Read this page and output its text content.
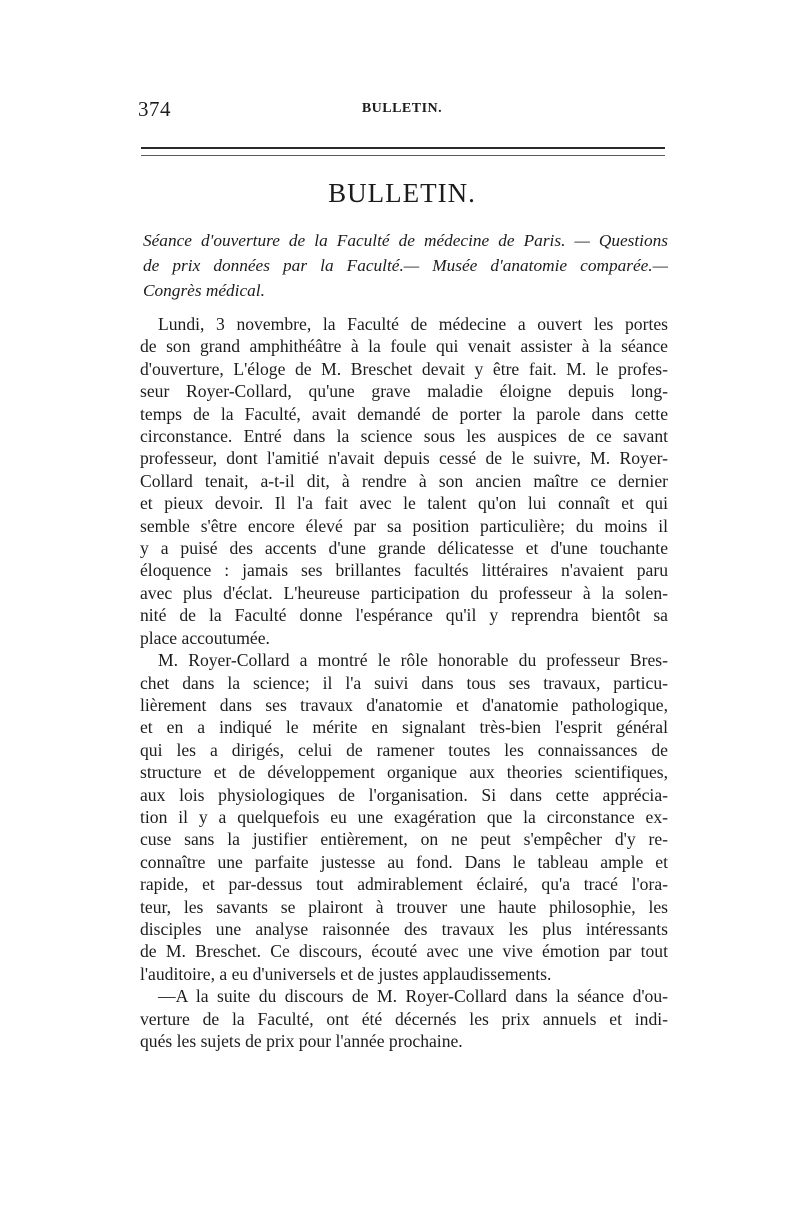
374	BULLETIN.
BULLETIN.

Séance d'ouverture de la Faculté de médecine de Paris. — Questions
de prix données par la Faculté.— Musée d'anatomie comparée.—
Congrès médical.

Lundi, 3 novembre, la Faculté de médecine a ouvert les portes
de son grand amphithéâtre à la foule qui venait assister à la séance
d'ouverture, L'éloge de M. Breschet devait y être fait. M. le profes-
seur Royer-Collard, qu'une grave maladie éloigne depuis long-
temps de la Faculté, avait demandé de porter la parole dans cette
circonstance. Entré dans la science sous les auspices de ce savant
professeur, dont l'amitié n'avait depuis cessé de le suivre, M. Royer-
Collard tenait, a-t-il dit, à rendre à son ancien maître ce dernier
et pieux devoir. Il l'a fait avec le talent qu'on lui connaît et qui
semble s'être encore élevé par sa position particulière; du moins il
y a puisé des accents d'une grande délicatesse et d'une touchante
éloquence : jamais ses brillantes facultés littéraires n'avaient paru
avec plus d'éclat. L'heureuse participation du professeur à la solen-
nité de la Faculté donne l'espérance qu'il y reprendra bientôt sa
place accoutumée.

M. Royer-Collard a montré le rôle honorable du professeur Bres-
chet dans la science; il l'a suivi dans tous ses travaux, particu-
lièrement dans ses travaux d'anatomie et d'anatomie pathologique,
et en a indiqué le mérite en signalant très-bien l'esprit général
qui les a dirigés, celui de ramener toutes les connaissances de
structure et de développement organique aux theories scientifiques,
aux lois physiologiques de l'organisation. Si dans cette apprécia-
tion il y a quelquefois eu une exagération que la circonstance ex-
cuse sans la justifier entièrement, on ne peut s'empêcher d'y re-
connaître une parfaite justesse au fond. Dans le tableau ample et
rapide, et par-dessus tout admirablement éclairé, qu'a tracé l'ora-
teur, les savants se plairont à trouver une haute philosophie, les
disciples une analyse raisonnée des travaux les plus intéressants
de M. Breschet. Ce discours, écouté avec une vive émotion par tout
l'auditoire, a eu d'universels et de justes applaudissements.

—A la suite du discours de M. Royer-Collard dans la séance d'ou-
verture de la Faculté, ont été décernés les prix annuels et indi-
qués les sujets de prix pour l'année prochaine.
